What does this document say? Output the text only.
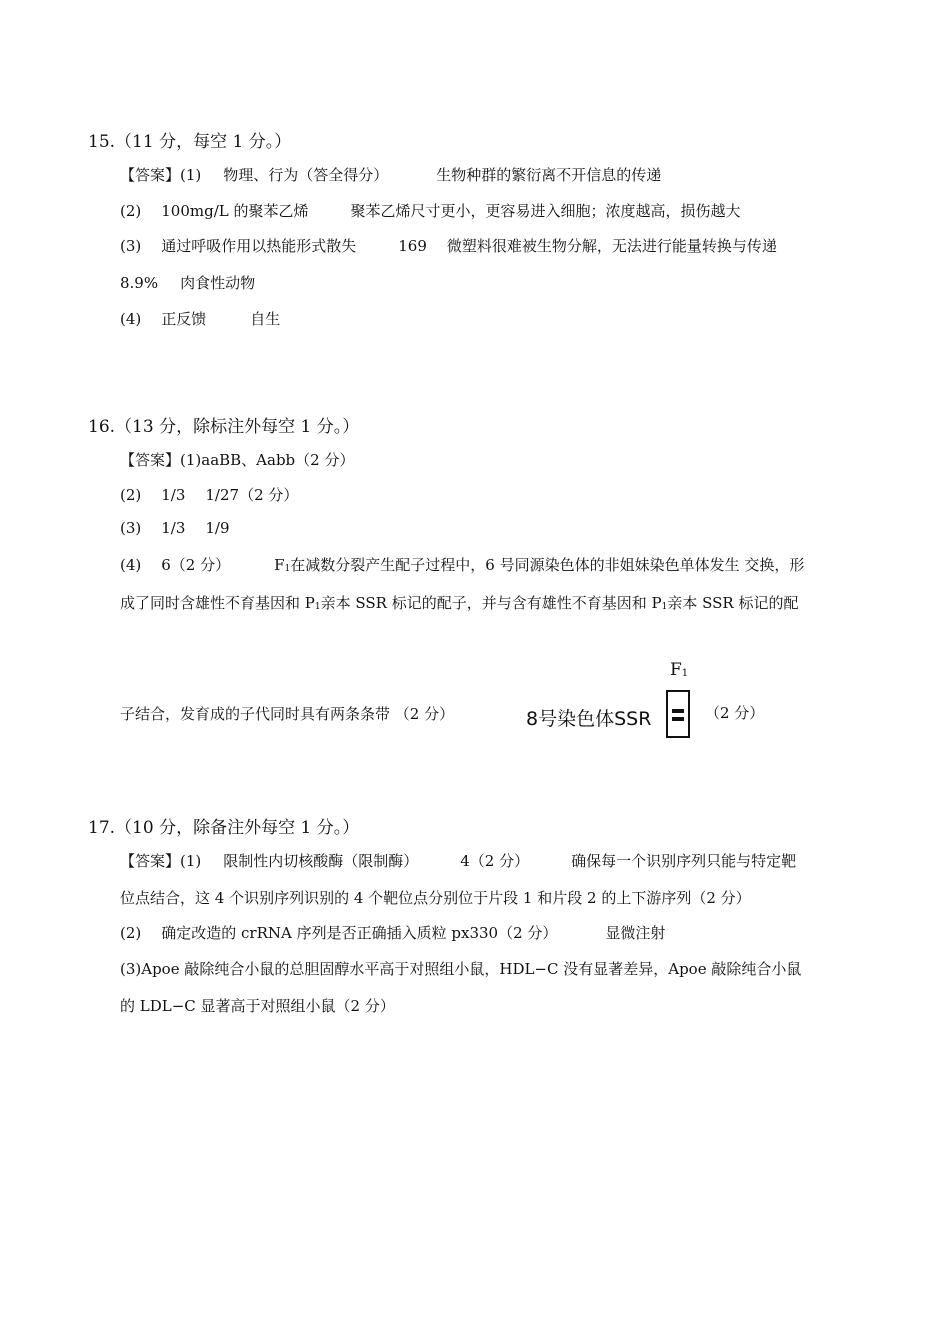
15.（11 分，每空 1 分。）
【答案】(1) 物理、行为（答全得分）	生物种群的繁衍离不开信息的传递
(2) 100mg/L 的聚苯乙烯	聚苯乙烯尺寸更小，更容易进入细胞；浓度越高，损伤越大
(3) 通过呼吸作用以热能形式散失	169 微塑料很难被生物分解，无法进行能量转换与传递
8.9% 肉食性动物
(4) 正反馈	自生
16.（13 分，除标注外每空 1 分。）
【答案】(1)aaBB、Aabb（2 分）
(2) 1/3 1/27（2 分）
(3) 1/3 1/9
(4) 6（2 分）	$F_1$在减数分裂产生配子过程中，6 号同源染色体的非姐妹染色单体发生 交换，形
成了同时含雄性不育基因和 $P_1$亲本 SSR 标记的配子，并与含有雄性不育基因和 $P_1$亲本 SSR 标记的配
子结合，发育成的子代同时具有两条条带 （2 分）
$F_1$
8号染色体SSR	（2 分）
17.（10 分，除备注外每空 1 分。）
【答案】(1) 限制性内切核酸酶（限制酶）	4（2 分）	确保每一个识别序列只能与特定靶
位点结合，这 4 个识别序列识别的 4 个靶位点分别位于片段 1 和片段 2 的上下游序列（2 分）
(2) 确定改造的 crRNA 序列是否正确插入质粒 px330（2 分）	显微注射
(3)Apoe 敲除纯合小鼠的总胆固醇水平高于对照组小鼠，HDL−C 没有显著差异，Apoe 敲除纯合小鼠
的 LDL−C 显著高于对照组小鼠（2 分）
